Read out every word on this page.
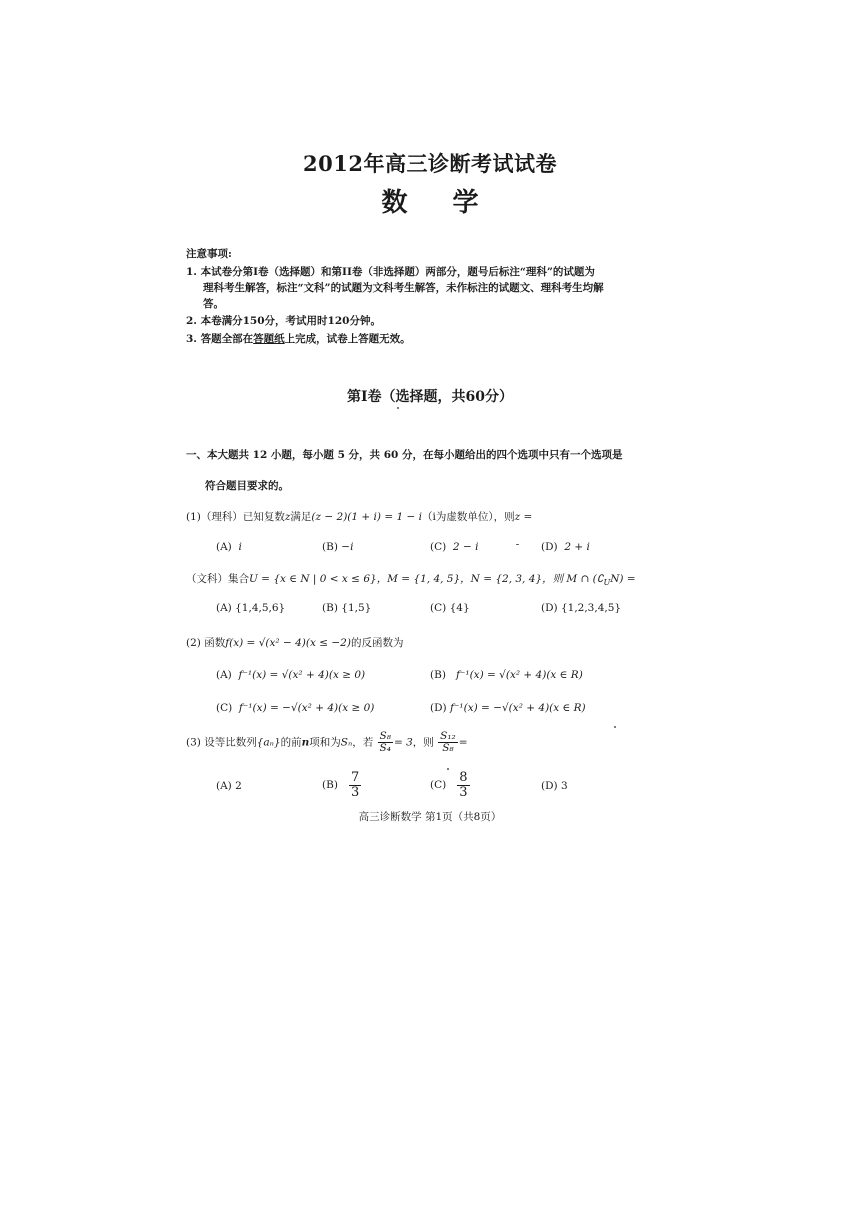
2012年高三诊断考试试卷
数 学
注意事项:
1. 本试卷分第I卷（选择题）和第II卷（非选择题）两部分，题号后标注“理科”的试题为
理科考生解答，标注“文科”的试题为文科考生解答，未作标注的试题文、理科考生均解
答。
2. 本卷满分150分，考试用时120分钟。
3. 答题全部在答题纸上完成，试卷上答题无效。
第I卷（选择题，共60分）
一、本大题共 12 小题，每小题 5 分，共 60 分，在每小题给出的四个选项中只有一个选项是
符合题目要求的。
(1)（理科）已知复数z满足(z − 2)(1 + i) = 1 − i（i为虚数单位），则z =
(A) i	(B) −i	(C) 2 − i	(D) 2 + i
（文科）集合U = {x ∈ N | 0 < x ≤ 6}，M = {1, 4, 5}，N = {2, 3, 4}，则 M ∩ $(∁_UN)$ =
(A) {1,4,5,6}	(B) {1,5}	(C) {4}	(D) {1,2,3,4,5}
(2) 函数f(x) = √(x² − 4)(x ≤ −2)的反函数为
(A) f⁻¹(x) = √(x² + 4)(x ≥ 0)	(B) f⁻¹(x) = √(x² + 4)(x ∈ R)
(C) f⁻¹(x) = −√(x² + 4)(x ≥ 0)	(D) f⁻¹(x) = −√(x² + 4)(x ∈ R)
(3) 设等比数列{aₙ}的前n项和为Sₙ，若 $\frac{\text{S₈}}{\text{S₄}} = 3$，则 $\frac{\text{S₁₂}}{\text{S₈}}$ =
(A) 2	$(B) \frac{7}{3}$	$(C) \frac{8}{3}$	(D) 3
高三诊断数学 第1页（共8页）
